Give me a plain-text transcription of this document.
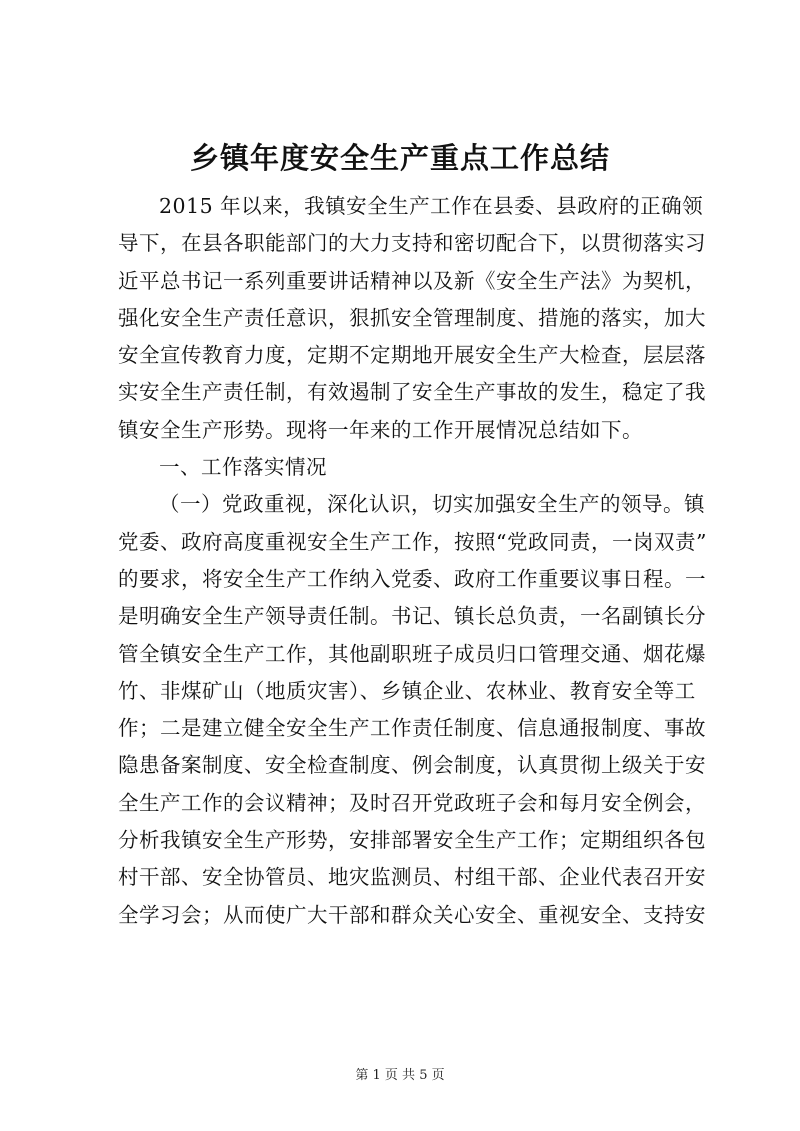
乡镇年度安全生产重点工作总结
2015 年以来，我镇安全生产工作在县委、县政府的正确领
导下，在县各职能部门的大力支持和密切配合下，以贯彻落实习
近平总书记一系列重要讲话精神以及新《安全生产法》为契机，
强化安全生产责任意识，狠抓安全管理制度、措施的落实，加大
安全宣传教育力度，定期不定期地开展安全生产大检查，层层落
实安全生产责任制，有效遏制了安全生产事故的发生，稳定了我
镇安全生产形势。现将一年来的工作开展情况总结如下。
一、工作落实情况
（一）党政重视，深化认识，切实加强安全生产的领导。镇
党委、政府高度重视安全生产工作，按照“党政同责，一岗双责”
的要求，将安全生产工作纳入党委、政府工作重要议事日程。一
是明确安全生产领导责任制。书记、镇长总负责，一名副镇长分
管全镇安全生产工作，其他副职班子成员归口管理交通、烟花爆
竹、非煤矿山（地质灾害）、乡镇企业、农林业、教育安全等工
作；二是建立健全安全生产工作责任制度、信息通报制度、事故
隐患备案制度、安全检查制度、例会制度，认真贯彻上级关于安
全生产工作的会议精神；及时召开党政班子会和每月安全例会，
分析我镇安全生产形势，安排部署安全生产工作；定期组织各包
村干部、安全协管员、地灾监测员、村组干部、企业代表召开安
全学习会；从而使广大干部和群众关心安全、重视安全、支持安
第 1 页 共 5 页
